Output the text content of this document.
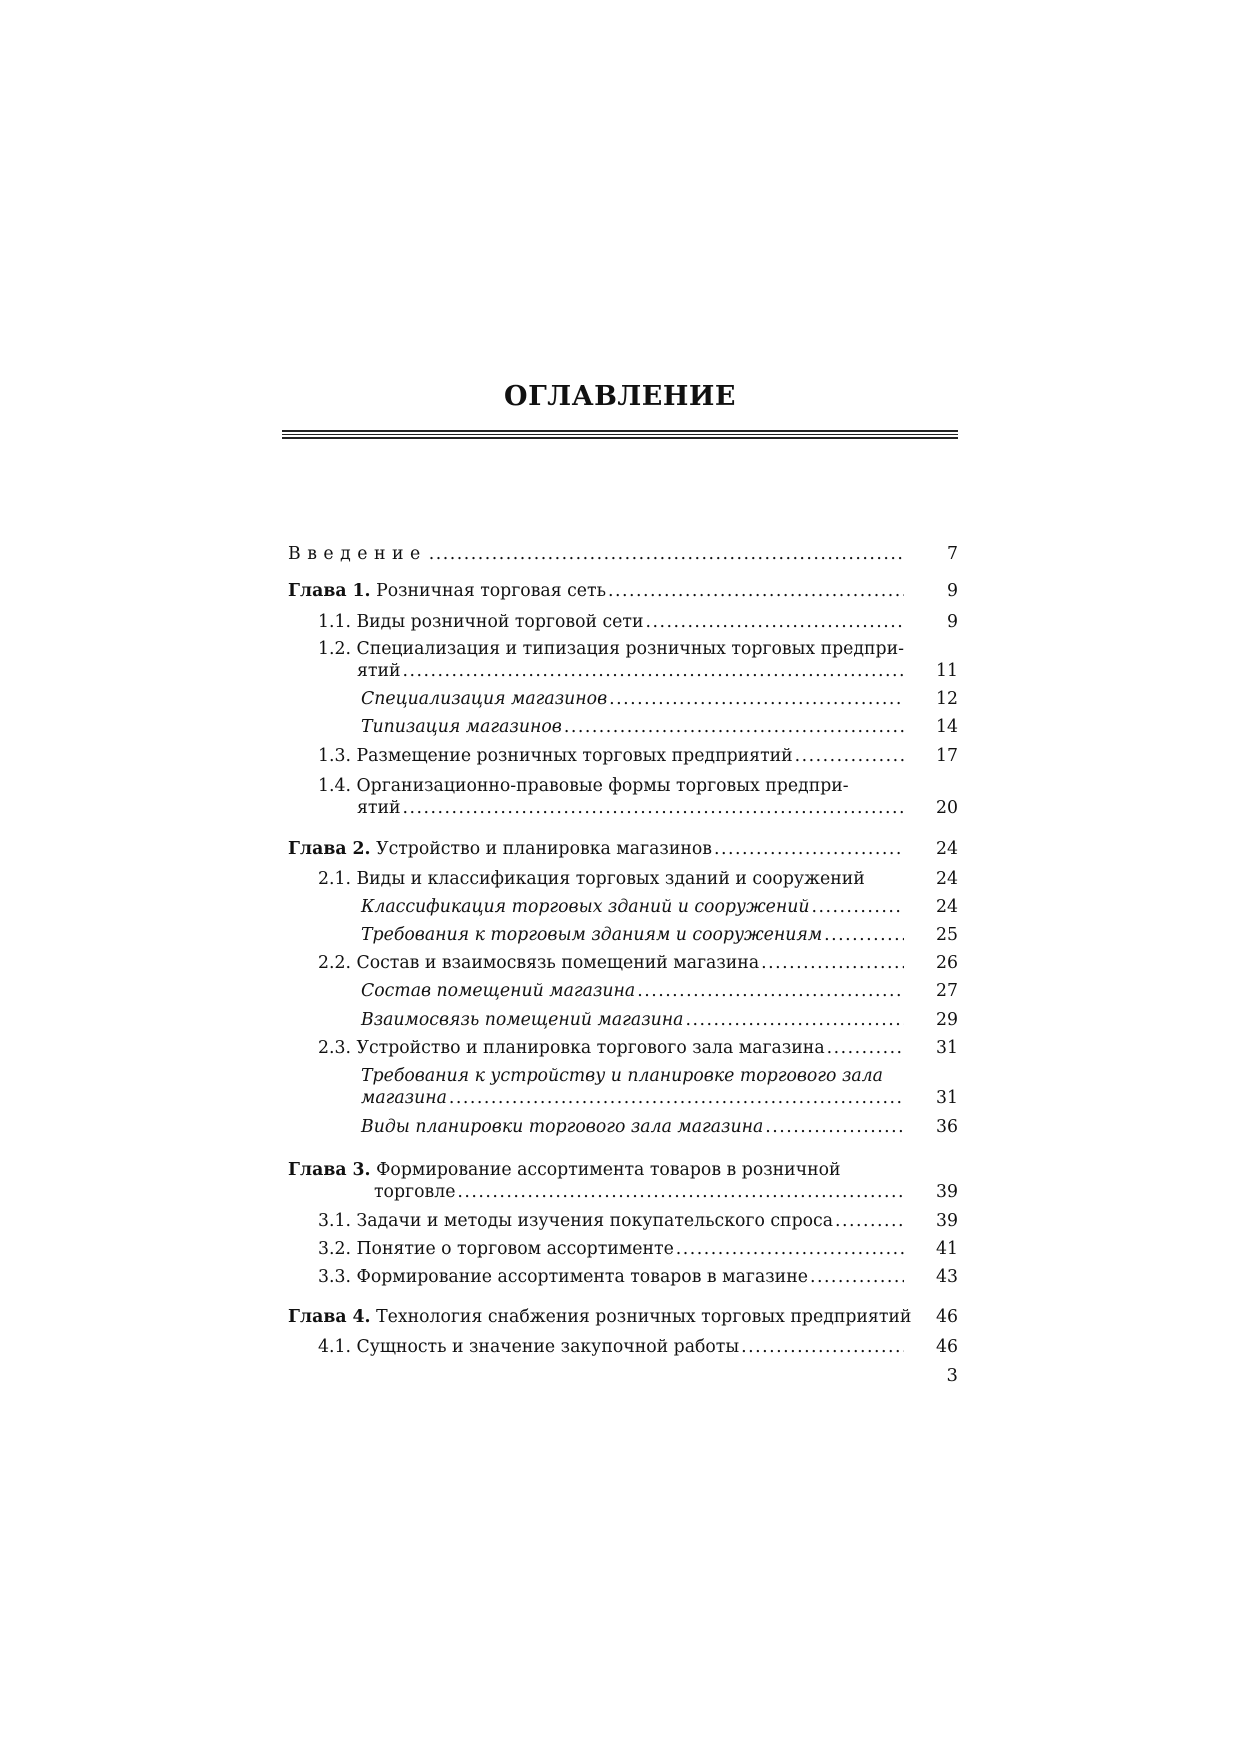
ОГЛАВЛЕНИЕ
Введение .....	7
Глава 1. Розничная торговая сеть .....	9
1.1. Виды розничной торговой сети .....	9
1.2. Специализация и типизация розничных торговых предпри-
ятий .....	11
Специализация магазинов .....	12
Типизация магазинов .....	14
1.3. Размещение розничных торговых предприятий .....	17
1.4. Организационно-правовые формы торговых предпри-
ятий .....	20
Глава 2. Устройство и планировка магазинов .....	24
2.1. Виды и классификация торговых зданий и сооружений	24
Классификация торговых зданий и сооружений .....	24
Требования к торговым зданиям и сооружениям .....	25
2.2. Состав и взаимосвязь помещений магазина .....	26
Состав помещений магазина .....	27
Взаимосвязь помещений магазина .....	29
2.3. Устройство и планировка торгового зала магазина .....	31
Требования к устройству и планировке торгового зала
магазина .....	31
Виды планировки торгового зала магазина .....	36
Глава 3. Формирование ассортимента товаров в розничной
торговле .....	39
3.1. Задачи и методы изучения покупательского спроса .....	39
3.2. Понятие о торговом ассортименте .....	41
3.3. Формирование ассортимента товаров в магазине .....	43
Глава 4. Технология снабжения розничных торговых предприятий	46
4.1. Сущность и значение закупочной работы .....	46
3
